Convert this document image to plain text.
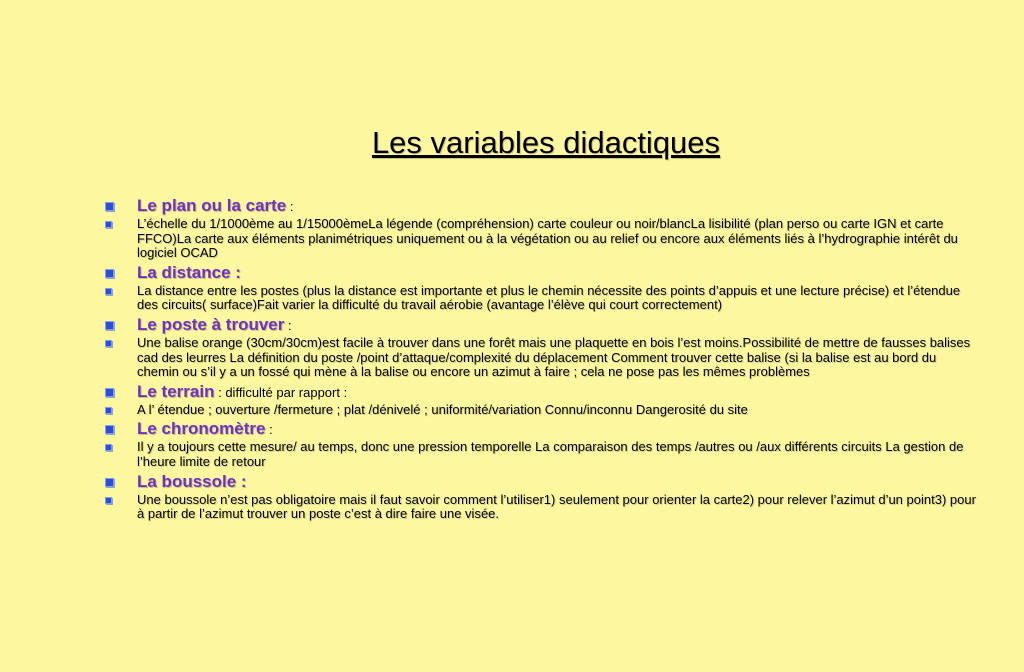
Les variables didactiques
Le plan ou la carte :
L’échelle du 1/1000ème au 1/15000èmeLa légende (compréhension) carte couleur ou noir/blancLa lisibilité (plan perso ou carte IGN et carte FFCO)La carte aux éléments planimétriques uniquement ou à la végétation ou au relief ou encore aux éléments liés à l’hydrographie intérêt du logiciel OCAD
La distance :
La distance entre les postes (plus la distance est importante et plus le chemin nécessite des points d’appuis et une lecture précise) et l’étendue des circuits( surface)Fait varier la difficulté du travail aérobie (avantage l’élève qui court correctement)
Le poste à trouver :
Une balise orange (30cm/30cm)est facile à trouver dans une forêt mais une plaquette en bois l’est moins.Possibilité de mettre de fausses balises cad des leurres La définition du poste /point d’attaque/complexité du déplacement Comment trouver cette balise (si la balise est au bord du chemin ou s’il y a un fossé qui mène à la balise ou encore un azimut à faire ; cela ne pose pas les mêmes problèmes
Le terrain : difficulté par rapport :
A l’ étendue ; ouverture /fermeture ; plat /dénivelé ; uniformité/variation Connu/inconnu Dangerosité du site
Le chronomètre :
Il y a toujours cette mesure/ au temps, donc une pression temporelle La comparaison des temps /autres ou /aux différents circuits La gestion de l’heure limite de retour
La boussole :
Une boussole n’est pas obligatoire mais il faut savoir comment l’utiliser1) seulement pour orienter la carte2) pour relever l’azimut d’un point3) pour à partir de l’azimut trouver un poste c’est à dire faire une visée.
